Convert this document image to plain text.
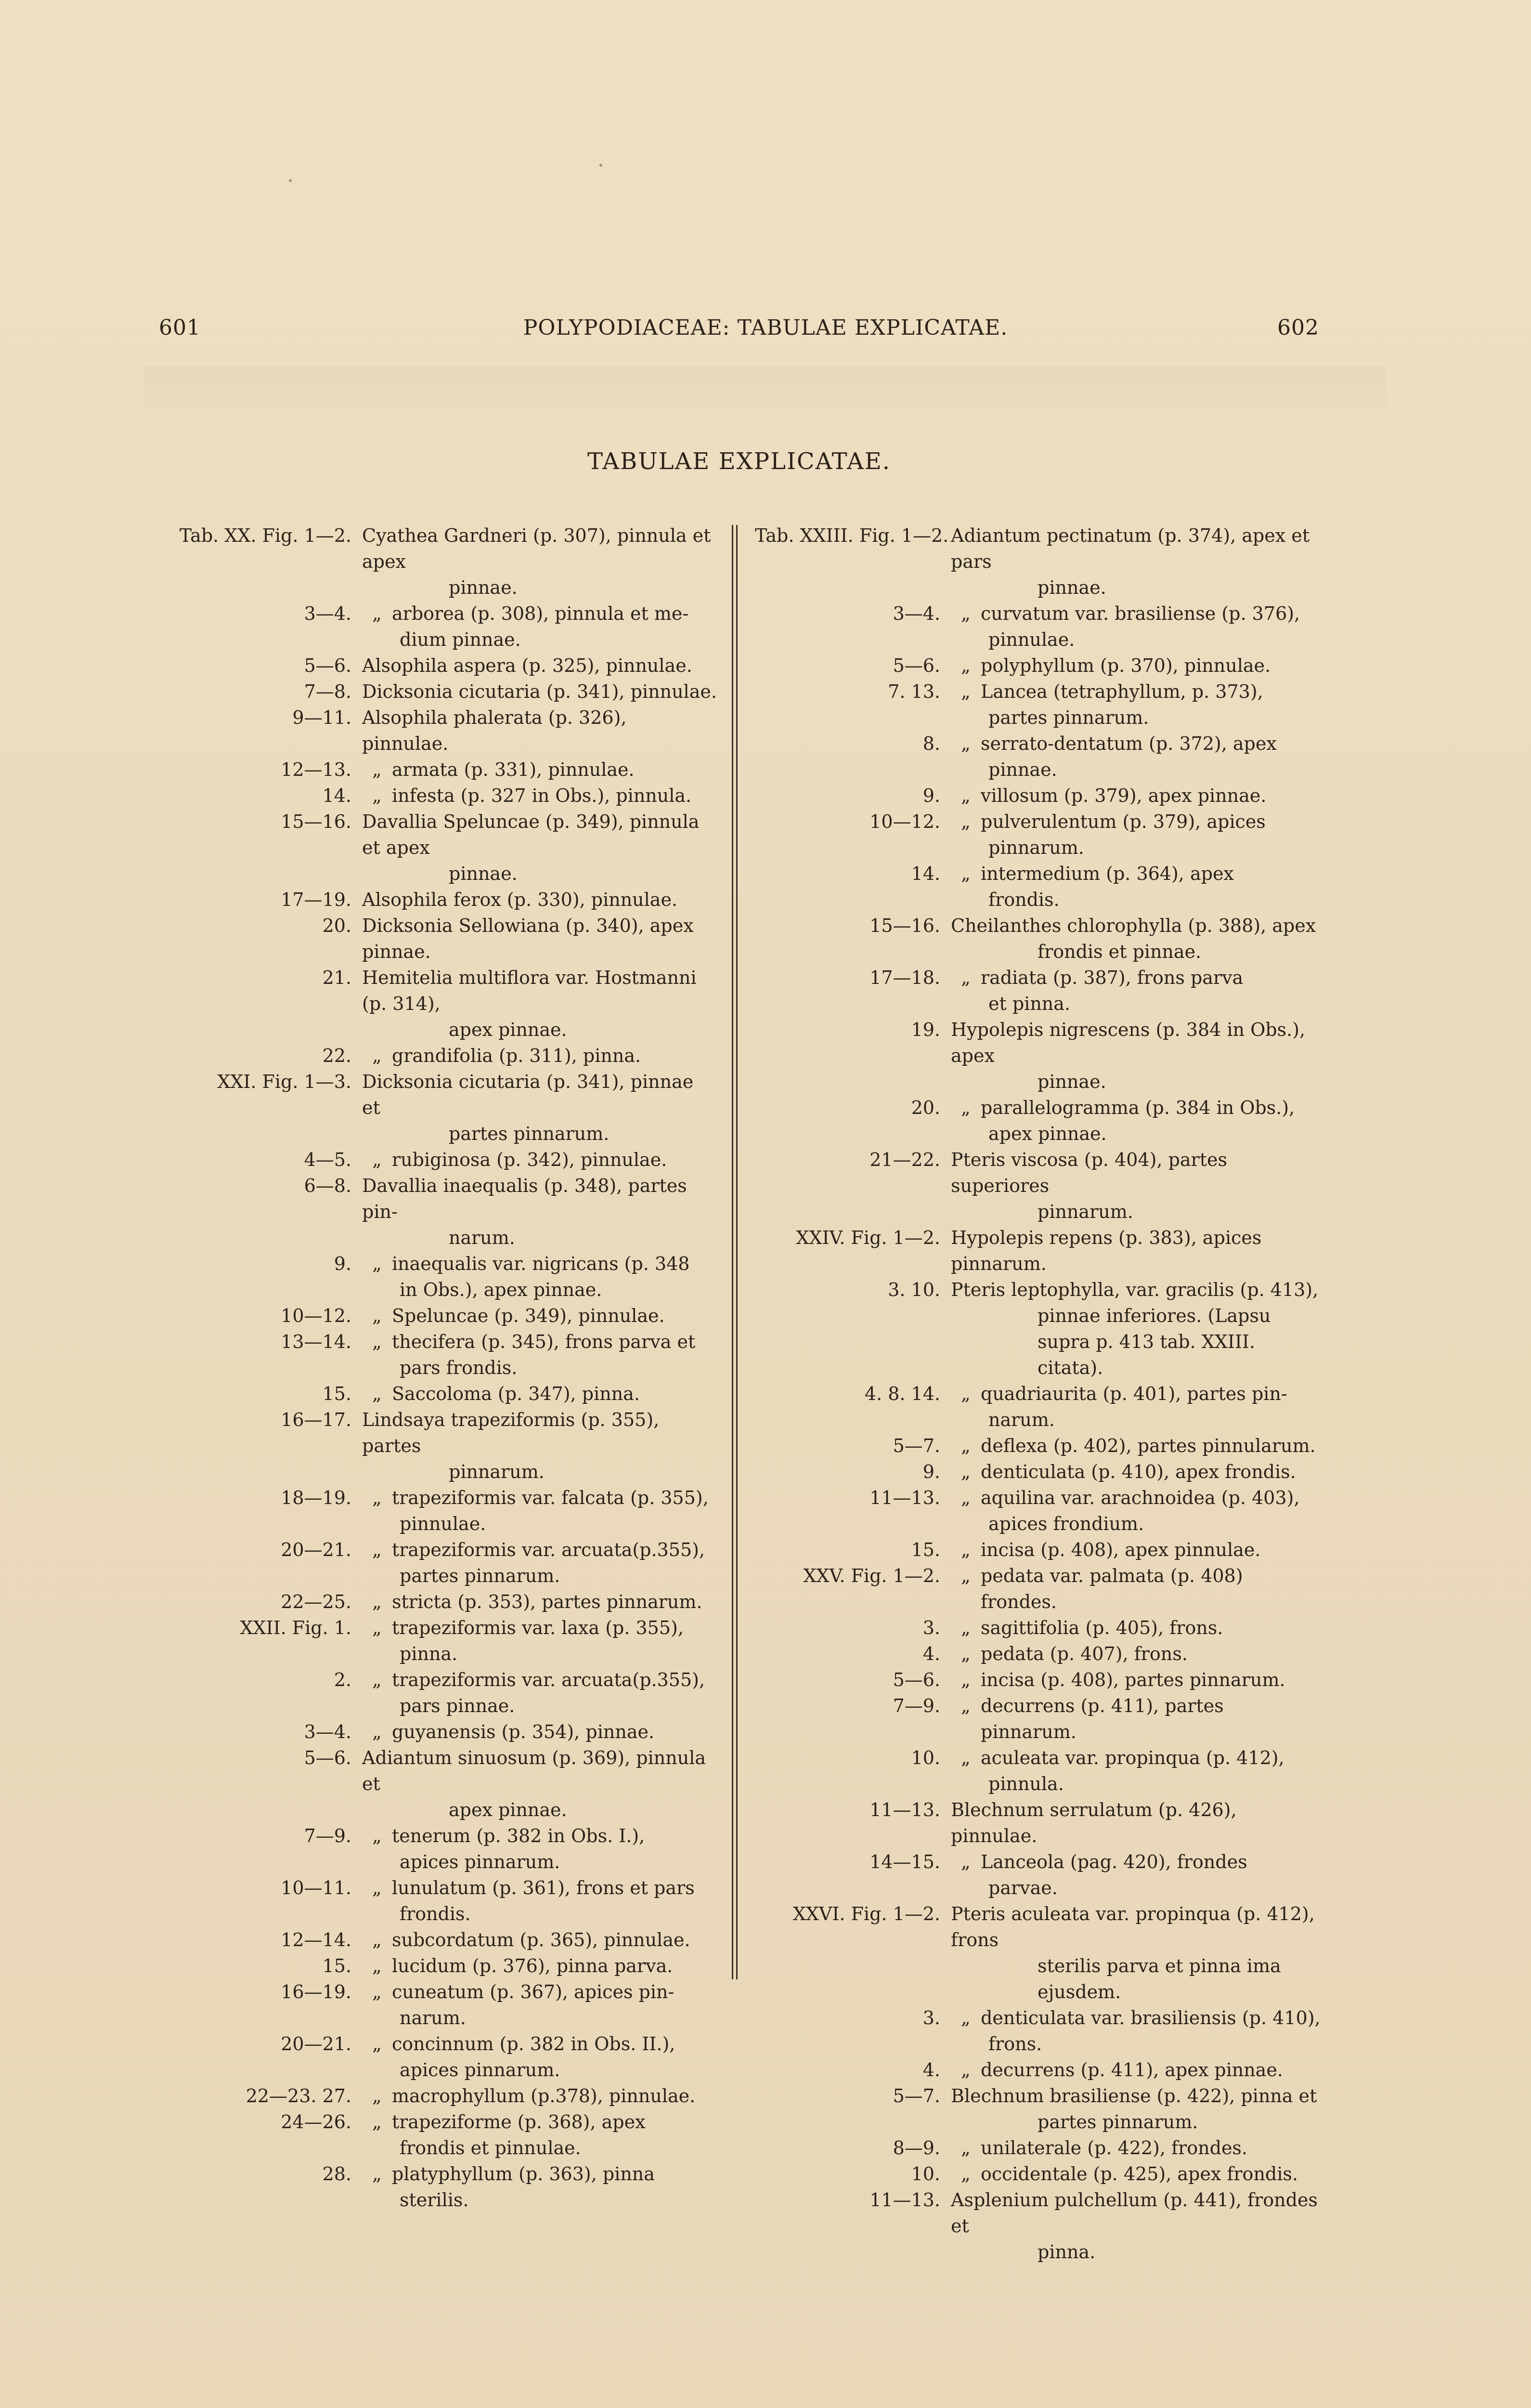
601	POLYPODIACEAE: TABULAE EXPLICATAE.	602
TABULAE EXPLICATAE.
Tab. XX. Fig. 1—2. Cyathea Gardneri (p. 307), pinnula et apex
pinnae.
3—4.	„ arborea (p. 308), pinnula et me-
dium pinnae.
5—6. Alsophila aspera (p. 325), pinnulae.
7—8. Dicksonia cicutaria (p. 341), pinnulae.
9—11. Alsophila phalerata (p. 326), pinnulae.
12—13.	„ armata (p. 331), pinnulae.
14.	„ infesta (p. 327 in Obs.), pinnula.
15—16. Davallia Speluncae (p. 349), pinnula et apex
pinnae.
17—19. Alsophila ferox (p. 330), pinnulae.
20. Dicksonia Sellowiana (p. 340), apex pinnae.
21. Hemitelia multiflora var. Hostmanni (p. 314),
apex pinnae.
22.	„ grandifolia (p. 311), pinna.
XXI. Fig. 1—3. Dicksonia cicutaria (p. 341), pinnae et
partes pinnarum.
4—5.	„ rubiginosa (p. 342), pinnulae.
6—8. Davallia inaequalis (p. 348), partes pin-
narum.
9.	„ inaequalis var. nigricans (p. 348
in Obs.), apex pinnae.
10—12.	„ Speluncae (p. 349), pinnulae.
13—14.	„ thecifera (p. 345), frons parva et
pars frondis.
15.	„ Saccoloma (p. 347), pinna.
16—17. Lindsaya trapeziformis (p. 355), partes
pinnarum.
18—19.	„ trapeziformis var. falcata (p. 355),
pinnulae.
20—21.	„ trapeziformis var. arcuata(p.355),
partes pinnarum.
22—25.	„ stricta (p. 353), partes pinnarum.
XXII. Fig. 1.	„ trapeziformis var. laxa (p. 355),
pinna.
2.	„ trapeziformis var. arcuata(p.355),
pars pinnae.
3—4.	„ guyanensis (p. 354), pinnae.
5—6. Adiantum sinuosum (p. 369), pinnula et
apex pinnae.
7—9.	„ tenerum (p. 382 in Obs. I.),
apices pinnarum.
10—11.	„ lunulatum (p. 361), frons et pars
frondis.
12—14.	„ subcordatum (p. 365), pinnulae.
15.	„ lucidum (p. 376), pinna parva.
16—19.	„ cuneatum (p. 367), apices pin-
narum.
20—21.	„ concinnum (p. 382 in Obs. II.),
apices pinnarum.
22—23. 27.	„ macrophyllum (p.378), pinnulae.
24—26.	„ trapeziforme (p. 368), apex
frondis et pinnulae.
28.	„ platyphyllum (p. 363), pinna
sterilis.
Tab. XXIII. Fig. 1—2. Adiantum pectinatum (p. 374), apex et pars
pinnae.
3—4.	„ curvatum var. brasiliense (p. 376),
pinnulae.
5—6.	„ polyphyllum (p. 370), pinnulae.
7. 13.	„ Lancea (tetraphyllum, p. 373),
partes pinnarum.
8.	„ serrato-dentatum (p. 372), apex
pinnae.
9.	„ villosum (p. 379), apex pinnae.
10—12.	„ pulverulentum (p. 379), apices
pinnarum.
14.	„ intermedium (p. 364), apex
frondis.
15—16. Cheilanthes chlorophylla (p. 388), apex
frondis et pinnae.
17—18.	„ radiata (p. 387), frons parva
et pinna.
19. Hypolepis nigrescens (p. 384 in Obs.), apex
pinnae.
20.	„ parallelogramma (p. 384 in Obs.),
apex pinnae.
21—22. Pteris viscosa (p. 404), partes superiores
pinnarum.
XXIV. Fig. 1—2. Hypolepis repens (p. 383), apices pinnarum.
3. 10. Pteris leptophylla, var. gracilis (p. 413),
pinnae inferiores. (Lapsu supra p. 413 tab. XXIII. citata).
4. 8. 14.	„ quadriaurita (p. 401), partes pin-
narum.
5—7.	„ deflexa (p. 402), partes pinnularum.
9.	„ denticulata (p. 410), apex frondis.
11—13.	„ aquilina var. arachnoidea (p. 403),
apices frondium.
15.	„ incisa (p. 408), apex pinnulae.
XXV. Fig. 1—2.	„ pedata var. palmata (p. 408) frondes.
3.	„ sagittifolia (p. 405), frons.
4.	„ pedata (p. 407), frons.
5—6.	„ incisa (p. 408), partes pinnarum.
7—9.	„ decurrens (p. 411), partes pinnarum.
10.	„ aculeata var. propinqua (p. 412),
pinnula.
11—13. Blechnum serrulatum (p. 426), pinnulae.
14—15.	„ Lanceola (pag. 420), frondes
parvae.
XXVI. Fig. 1—2. Pteris aculeata var. propinqua (p. 412), frons
sterilis parva et pinna ima ejusdem.
3.	„ denticulata var. brasiliensis (p. 410),
frons.
4.	„ decurrens (p. 411), apex pinnae.
5—7. Blechnum brasiliense (p. 422), pinna et
partes pinnarum.
8—9.	„ unilaterale (p. 422), frondes.
10.	„ occidentale (p. 425), apex frondis.
11—13. Asplenium pulchellum (p. 441), frondes et
pinna.
